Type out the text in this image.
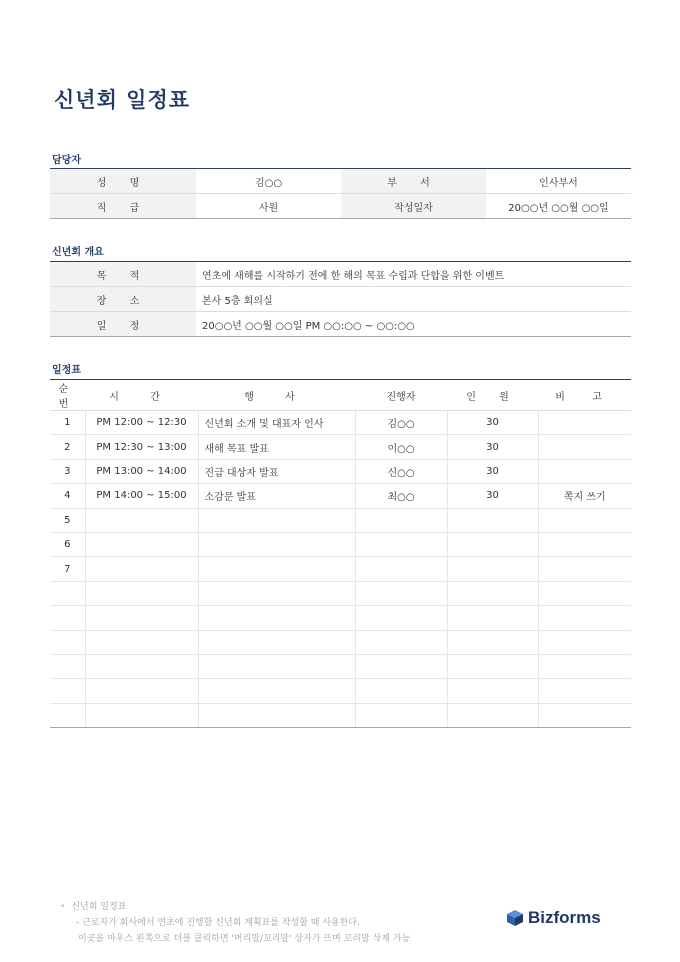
신년회 일정표
담당자
성 명	김○○	부 서	인사부서
직 급	사원	작성일자	20○○년 ○○월 ○○일
신년회 개요
목 적	연초에 새해를 시작하기 전에 한 해의 목표 수립과 단합을 위한 이벤트
장 소	본사 5층 회의실
일 정	20○○년 ○○월 ○○일 PM ○○:○○ ~ ○○:○○
일정표
순 번	시 간	행 사	진행자	인 원	비 고
1	PM 12:00 ~ 12:30	신년회 소개 및 대표자 인사	김○○	30	
2	PM 12:30 ~ 13:00	새해 목표 발표	이○○	30	
3	PM 13:00 ~ 14:00	진급 대상자 발표	신○○	30	
4	PM 14:00 ~ 15:00	소감문 발표	최○○	30	쪽지 쓰기
5					
6					
7					

• 신년회 일정표
- 근로자가 회사에서 연초에 진행할 신년회 계획표를 작성할 때 사용한다.
이곳을 마우스 왼쪽으로 더블 클릭하면 '머리말/꼬리말' 상자가 뜨며 꼬리말 삭제 가능
Bizforms
